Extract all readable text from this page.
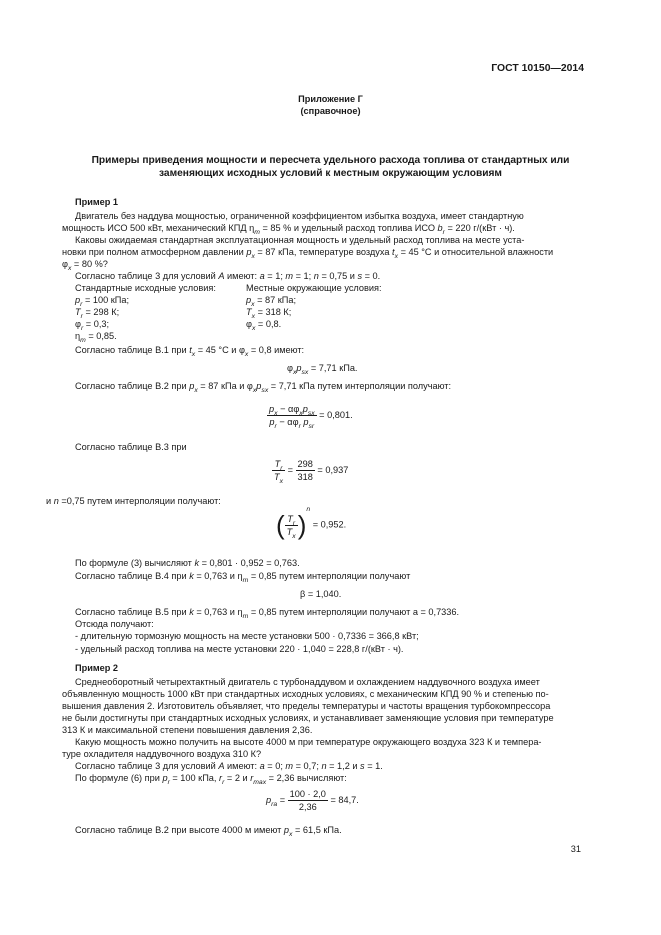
ГОСТ 10150—2014
Приложение Г
(справочное)
Примеры приведения мощности и пересчета удельного расхода топлива от стандартных или
заменяющих исходных условий к местным окружающим условиям
Пример 1
Двигатель без наддува мощностью, ограниченной коэффициентом избытка воздуха, имеет стандартную
мощность ИСО 500 кВт, механический КПД $\eta_m = 85$ % и удельный расход топлива ИСО $b_r = 220$ г/(кВт · ч).
Каковы ожидаемая стандартная эксплуатационная мощность и удельный расход топлива на месте уста-
новки при полном атмосферном давлении $p_x = 87$ кПа, температуре воздуха $t_x = 45$ °С и относительной влажности
$\varphi_x = 80$ %?
Согласно таблице 3 для условий A имеют: a = 1; m = 1; n = 0,75 и s = 0.
Стандартные исходные условия:	Местные окружающие условия:
$p_r = 100$ кПа;
$T_r = 298$ К;
$\varphi_r = 0,3$;
$\eta_m = 0,85$.
$p_x = 87$ кПа;
$T_x = 318$ К;
$\varphi_x = 0,8$.
Согласно таблице В.1 при $t_x = 45$ °С и $\varphi_x = 0,8$ имеют:
$\varphi_xp_{sx} = 7,71$ кПа.
Согласно таблице В.2 при $p_x = 87$ кПа и $\varphi_xp_{sx} = 7,71$ кПа путем интерполяции получают:
$\frac{p_x - \alpha\varphi_xp_{sx}}{p_r - \alpha\varphi_r p_{sr}} = 0,801$.
Согласно таблице В.3 при
$\frac{T_r}{T_x} = \frac{298}{318} = 0,937$
и n =0,75 путем интерполяции получают:
( $\frac{T_r}{T_x} )^n = 0,952$.
По формуле (3) вычисляют k = 0,801 · 0,952 = 0,763.
Согласно таблице В.4 при k = 0,763 и $\eta_m = 0,85$ путем интерполяции получают
β = 1,040.
Согласно таблице В.5 при k = 0,763 и $\eta_m = 0,85$ путем интерполяции получают a = 0,7336.
Отсюда получают:
- длительную тормозную мощность на месте установки 500 · 0,7336 = 366,8 кВт;
- удельный расход топлива на месте установки 220 · 1,040 = 228,8 г/(кВт · ч).
Пример 2
Среднеоборотный четырехтактный двигатель с турбонаддувом и охлаждением наддувочного воздуха имеет
объявленную мощность 1000 кВт при стандартных исходных условиях, с механическим КПД 90 % и степенью по-
вышения давления 2. Изготовитель объявляет, что пределы температуры и частоты вращения турбокомпрессора
не были достигнуты при стандартных исходных условиях, и устанавливает заменяющие условия при температуре
313 К и максимальной степени повышения давления 2,36.
Какую мощность можно получить на высоте 4000 м при температуре окружающего воздуха 323 К и темпера-
туре охладителя наддувочного воздуха 310 К?
Согласно таблице 3 для условий A имеют: a = 0; m = 0,7; n = 1,2 и s = 1.
По формуле (6) при $p_r = 100$ кПа, $r_r = 2$ и $r_{max} = 2,36$ вычисляют:
$p_{ra} = \frac{100 \cdot 2,0}{2,36} = 84,7$.
Согласно таблице В.2 при высоте 4000 м имеют $p_x = 61,5$ кПа.
31
